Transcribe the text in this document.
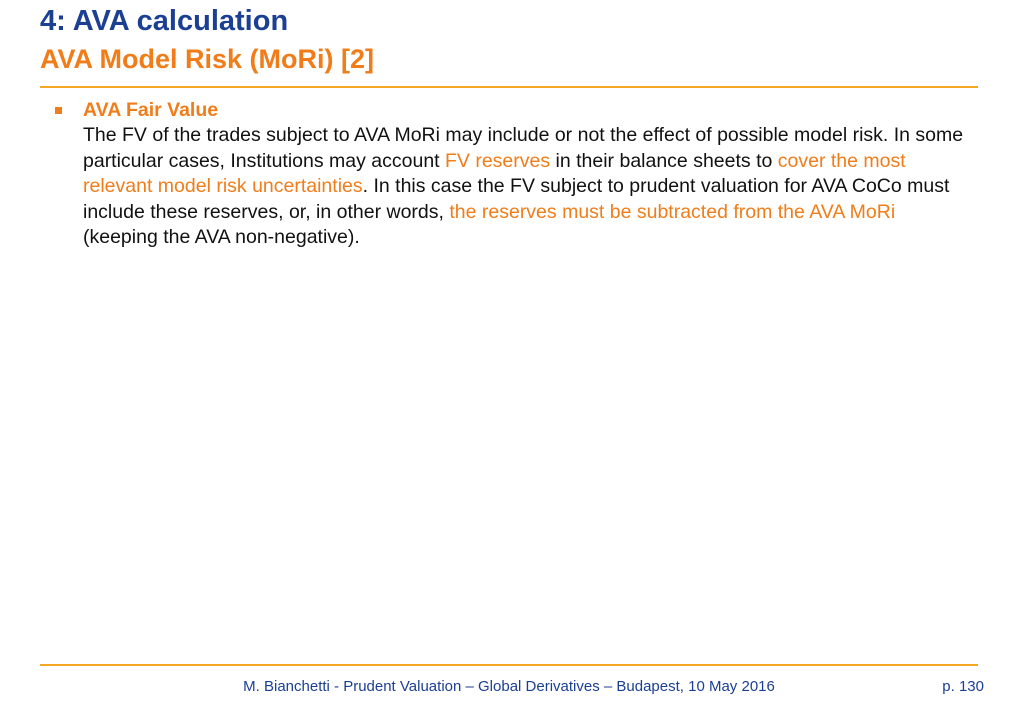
4: AVA calculation
AVA Model Risk (MoRi) [2]
AVA Fair Value
The FV of the trades subject to AVA MoRi may include or not the effect of possible model risk. In some particular cases, Institutions may account FV reserves in their balance sheets to cover the most relevant model risk uncertainties. In this case the FV subject to prudent valuation for AVA CoCo must include these reserves, or, in other words, the reserves must be subtracted from the AVA MoRi (keeping the AVA non-negative).
M. Bianchetti - Prudent Valuation – Global Derivatives – Budapest, 10 May 2016	p. 130
